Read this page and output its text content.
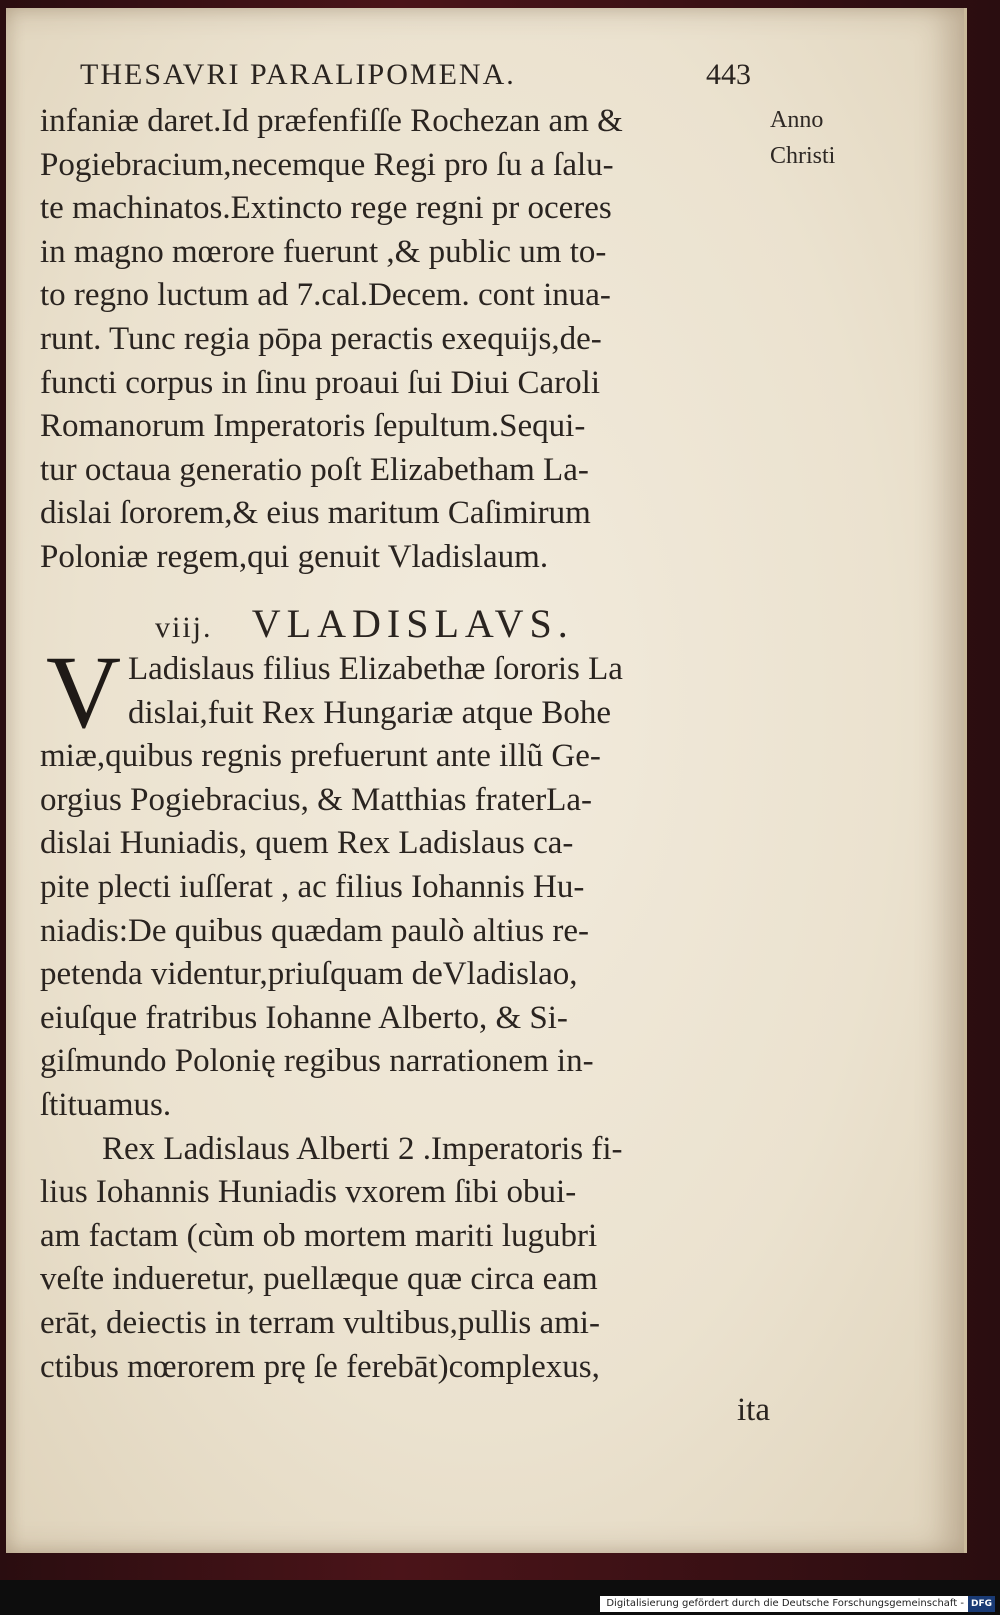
THESAVRI PARALIPOMENA.	443
Anno
Christi
infaniæ daret.Id præfenfiſſe Rochezan am &
Pogiebracium,necemque Regi pro ſu a ſalu-
te machinatos.Extincto rege regni pr oceres
in magno mœrore fuerunt ,& public um to-
to regno luctum ad 7.cal.Decem. cont inua-
runt. Tunc regia pōpa peractis exequijs,de-
functi corpus in ſinu proaui ſui Diui Caroli
Romanorum Imperatoris ſepultum.Sequi-
tur octaua generatio poſt Elizabetham La-
dislai ſororem,& eius maritum Caſimirum
Poloniæ regem,qui genuit Vladislaum.
viij. VLADISLAVS.
V Ladislaus filius Elizabethæ ſororis La
dislai,fuit Rex Hungariæ atque Bohe
miæ,quibus regnis prefuerunt ante illũ Ge-
orgius Pogiebracius, & Matthias fraterLa-
dislai Huniadis, quem Rex Ladislaus ca-
pite plecti iuſſerat , ac filius Iohannis Hu-
niadis:De quibus quædam paulò altius re-
petenda videntur,priuſquam deVladislao,
eiuſque fratribus Iohanne Alberto, & Si-
giſmundo Polonię regibus narrationem in-
ſtituamus.
Rex Ladislaus Alberti 2 .Imperatoris fi-
lius Iohannis Huniadis vxorem ſibi obui-
am factam (cùm ob mortem mariti lugubri
veſte indueretur, puellæque quæ circa eam
erāt, deiectis in terram vultibus,pullis ami-
ctibus mœrorem prę ſe ferebāt)complexus,
ita
Digitalisierung gefördert durch die Deutsche Forschungsgemeinschaft - DFG
